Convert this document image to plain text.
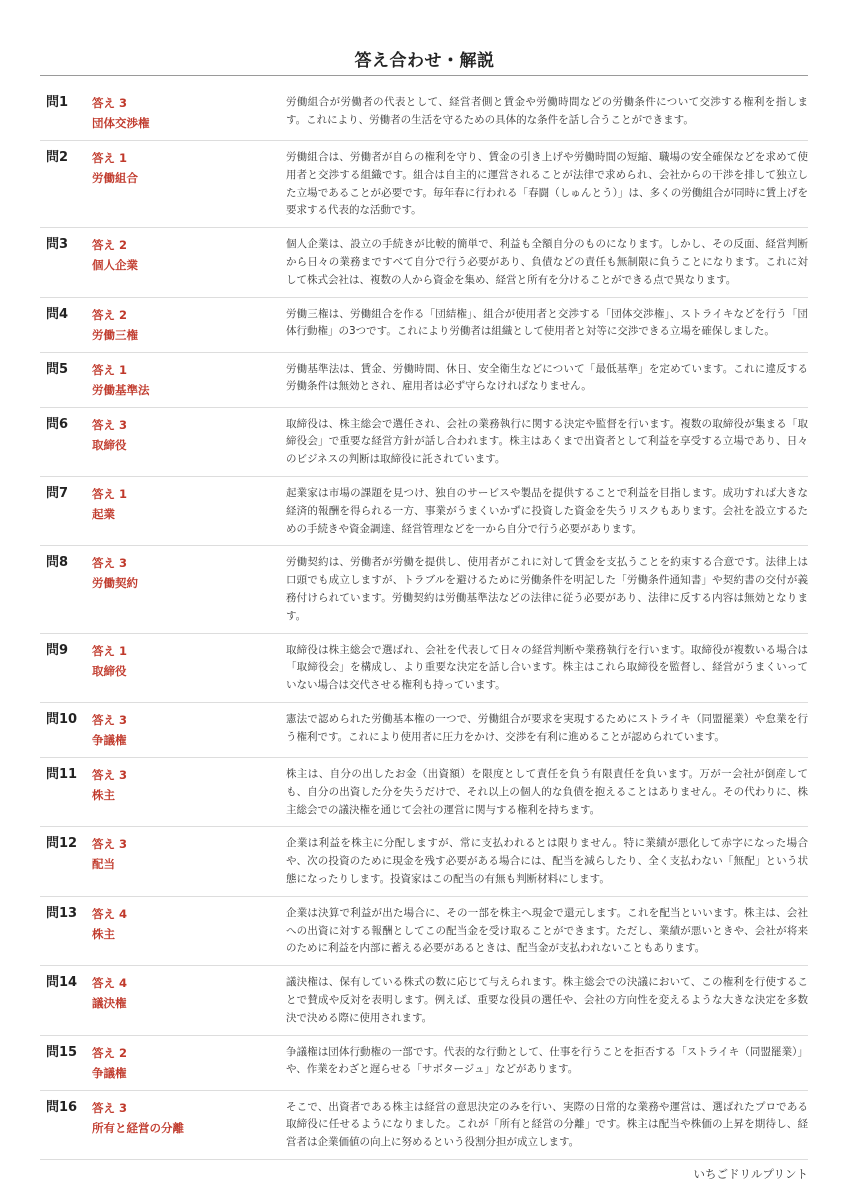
答え合わせ・解説
問1	答え 3
団体交渉権
労働組合が労働者の代表として、経営者側と賃金や労働時間などの労働条件について交渉する権利を指します。これにより、労働者の生活を守るための具体的な条件を話し合うことができます。
問2	答え 1
労働組合
労働組合は、労働者が自らの権利を守り、賃金の引き上げや労働時間の短縮、職場の安全確保などを求めて使用者と交渉する組織です。組合は自主的に運営されることが法律で求められ、会社からの干渉を排して独立した立場であることが必要です。毎年春に行われる「春闘（しゅんとう）」は、多くの労働組合が同時に賃上げを要求する代表的な活動です。
問3	答え 2
個人企業
個人企業は、設立の手続きが比較的簡単で、利益も全額自分のものになります。しかし、その反面、経営判断から日々の業務まですべて自分で行う必要があり、負債などの責任も無制限に負うことになります。これに対して株式会社は、複数の人から資金を集め、経営と所有を分けることができる点で異なります。
問4	答え 2
労働三権
労働三権は、労働組合を作る「団結権」、組合が使用者と交渉する「団体交渉権」、ストライキなどを行う「団体行動権」の3つです。これにより労働者は組織として使用者と対等に交渉できる立場を確保しました。
問5	答え 1
労働基準法
労働基準法は、賃金、労働時間、休日、安全衛生などについて「最低基準」を定めています。これに違反する労働条件は無効とされ、雇用者は必ず守らなければなりません。
問6	答え 3
取締役
取締役は、株主総会で選任され、会社の業務執行に関する決定や監督を行います。複数の取締役が集まる「取締役会」で重要な経営方針が話し合われます。株主はあくまで出資者として利益を享受する立場であり、日々のビジネスの判断は取締役に託されています。
問7	答え 1
起業
起業家は市場の課題を見つけ、独自のサービスや製品を提供することで利益を目指します。成功すれば大きな経済的報酬を得られる一方、事業がうまくいかずに投資した資金を失うリスクもあります。会社を設立するための手続きや資金調達、経営管理などを一から自分で行う必要があります。
問8	答え 3
労働契約
労働契約は、労働者が労働を提供し、使用者がこれに対して賃金を支払うことを約束する合意です。法律上は口頭でも成立しますが、トラブルを避けるために労働条件を明記した「労働条件通知書」や契約書の交付が義務付けられています。労働契約は労働基準法などの法律に従う必要があり、法律に反する内容は無効となります。
問9	答え 1
取締役
取締役は株主総会で選ばれ、会社を代表して日々の経営判断や業務執行を行います。取締役が複数いる場合は「取締役会」を構成し、より重要な決定を話し合います。株主はこれら取締役を監督し、経営がうまくいっていない場合は交代させる権利も持っています。
問10	答え 3
争議権
憲法で認められた労働基本権の一つで、労働組合が要求を実現するためにストライキ（同盟罷業）や怠業を行う権利です。これにより使用者に圧力をかけ、交渉を有利に進めることが認められています。
問11	答え 3
株主
株主は、自分の出したお金（出資額）を限度として責任を負う有限責任を負います。万が一会社が倒産しても、自分の出資した分を失うだけで、それ以上の個人的な負債を抱えることはありません。その代わりに、株主総会での議決権を通じて会社の運営に関与する権利を持ちます。
問12	答え 3
配当
企業は利益を株主に分配しますが、常に支払われるとは限りません。特に業績が悪化して赤字になった場合や、次の投資のために現金を残す必要がある場合には、配当を減らしたり、全く支払わない「無配」という状態になったりします。投資家はこの配当の有無も判断材料にします。
問13	答え 4
株主
企業は決算で利益が出た場合に、その一部を株主へ現金で還元します。これを配当といいます。株主は、会社への出資に対する報酬としてこの配当金を受け取ることができます。ただし、業績が悪いときや、会社が将来のために利益を内部に蓄える必要があるときは、配当金が支払われないこともあります。
問14	答え 4
議決権
議決権は、保有している株式の数に応じて与えられます。株主総会での決議において、この権利を行使することで賛成や反対を表明します。例えば、重要な役員の選任や、会社の方向性を変えるような大きな決定を多数決で決める際に使用されます。
問15	答え 2
争議権
争議権は団体行動権の一部です。代表的な行動として、仕事を行うことを拒否する「ストライキ（同盟罷業）」や、作業をわざと遅らせる「サボタージュ」などがあります。
問16	答え 3
所有と経営の分離
そこで、出資者である株主は経営の意思決定のみを行い、実際の日常的な業務や運営は、選ばれたプロである取締役に任せるようになりました。これが「所有と経営の分離」です。株主は配当や株価の上昇を期待し、経営者は企業価値の向上に努めるという役割分担が成立します。
いちごドリルプリント
